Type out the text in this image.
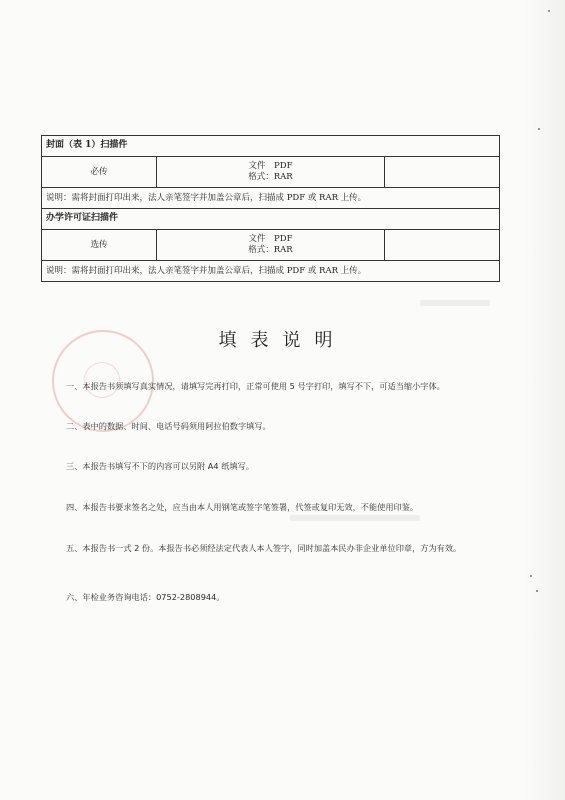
封面（表 1）扫描件		
必传	文件　PDF
格式：RAR	

说明：需将封面打印出来，法人亲笔签字并加盖公章后，扫描成 PDF 或 RAR 上传。		
办学许可证扫描件		
选传	文件　PDF
格式：RAR	

说明：需将封面打印出来，法人亲笔签字并加盖公章后，扫描成 PDF 或 RAR 上传。		
填表说明
一、本报告书须填写真实情况，请填写完再打印，正常可使用 5 号字打印，填写不下，可适当缩小字体。
二、表中的数据、时间、电话号码须用阿拉伯数字填写。
三、本报告书填写不下的内容可以另附 A4 纸填写。
四、本报告书要求签名之处，应当由本人用钢笔或签字笔签署，代签或复印无效，不能使用印鉴。
五、本报告书一式 2 份。本报告书必须经法定代表人本人签字，同时加盖本民办非企业单位印章，方为有效。
六、年检业务咨询电话：0752-2808944。
